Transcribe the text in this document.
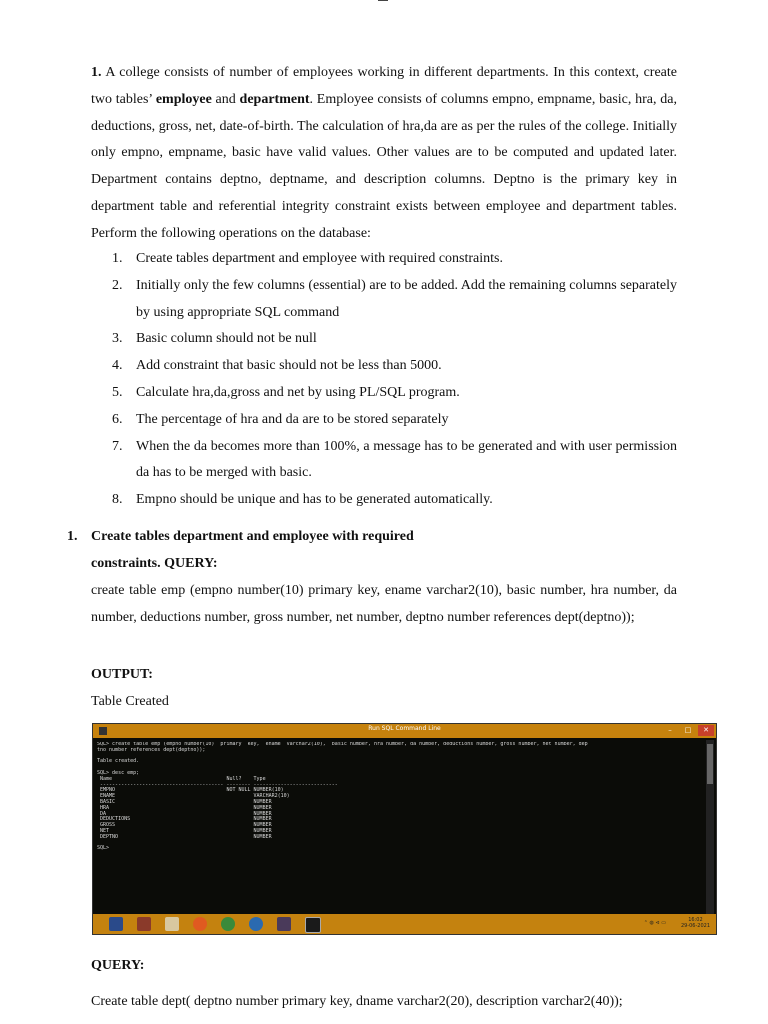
1. A college consists of number of employees working in different departments. In this context, create two tables’ employee and department. Employee consists of columns empno, empname, basic, hra, da, deductions, gross, net, date-of-birth. The calculation of hra,da are as per the rules of the college. Initially only empno, empname, basic have valid values. Other values are to be computed and updated later. Department contains deptno, deptname, and description columns. Deptno is the primary key in department table and referential integrity constraint exists between employee and department tables. Perform the following operations on the database:
1. Create tables department and employee with required constraints.
2. Initially only the few columns (essential) are to be added. Add the remaining columns separately by using appropriate SQL command
3. Basic column should not be null
4. Add constraint that basic should not be less than 5000.
5. Calculate hra,da,gross and net by using PL/SQL program.
6. The percentage of hra and da are to be stored separately
7. When the da becomes more than 100%, a message has to be generated and with user permission da has to be merged with basic.
8. Empno should be unique and has to be generated automatically.
1. Create tables department and employee with required
constraints. QUERY:
create table emp (empno number(10) primary key, ename varchar2(10), basic number, hra number, da number, deductions number, gross number, net number, deptno number references dept(deptno));
OUTPUT:
Table Created
Run SQL Command Line	–	□	✕
SQL> create table emp (empno number(10)  primary  key,  ename  varchar2(10),  basic number, hra number, da number, deductions number, gross number, net number, dep
tno number references dept(deptno));

Table created.

SQL> desc emp;
Name                                      Null?    Type
----------------------------------------- -------- ----------------------------
EMPNO                                     NOT NULL NUMBER(10)
ENAME                                              VARCHAR2(10)
BASIC                                              NUMBER
HRA                                                NUMBER
DA                                                 NUMBER
DEDUCTIONS                                         NUMBER
GROSS                                              NUMBER
NET                                                NUMBER
DEPTNO                                             NUMBER

SQL>
⌃ ◍ ⊲ ▭	16:02
29-06-2021
QUERY:
Create table dept( deptno number primary key, dname varchar2(20), description varchar2(40));
